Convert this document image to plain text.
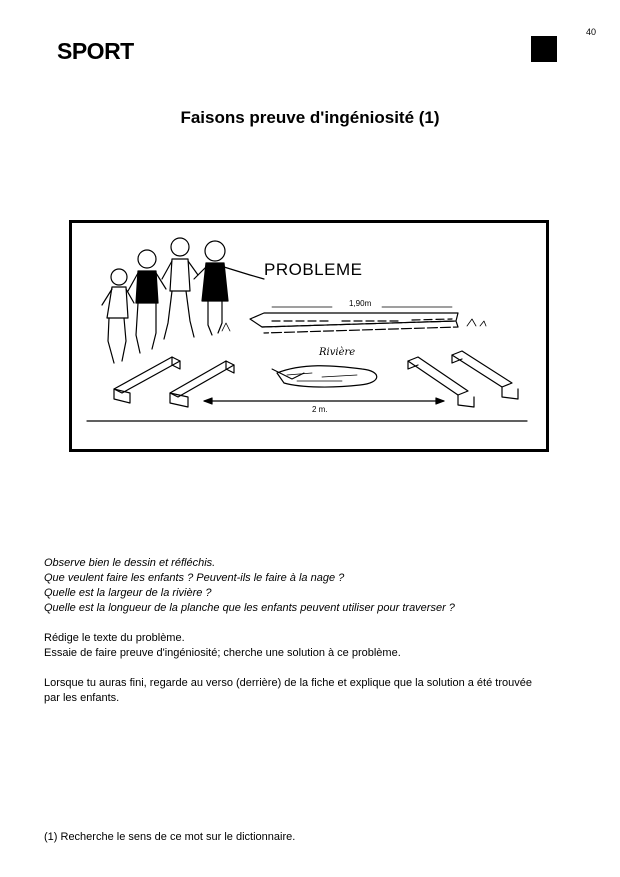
40
SPORT
Faisons preuve d'ingéniosité (1)
PROBLEME
1,90m
Rivière
2 m.

Observe bien le dessin et réfléchis.

Que veulent faire les enfants ? Peuvent-ils le faire à la nage ?

Quelle est la largeur de la rivière ?

Quelle est la longueur de la planche que les enfants peuvent utiliser pour traverser ?

Rédige le texte du problème.

Essaie de faire preuve d'ingéniosité; cherche une solution à ce problème.

Lorsque tu auras fini, regarde au verso (derrière) de la fiche et explique que la solution a été trouvée

par les enfants.

(1) Recherche le sens de ce mot sur le dictionnaire.
